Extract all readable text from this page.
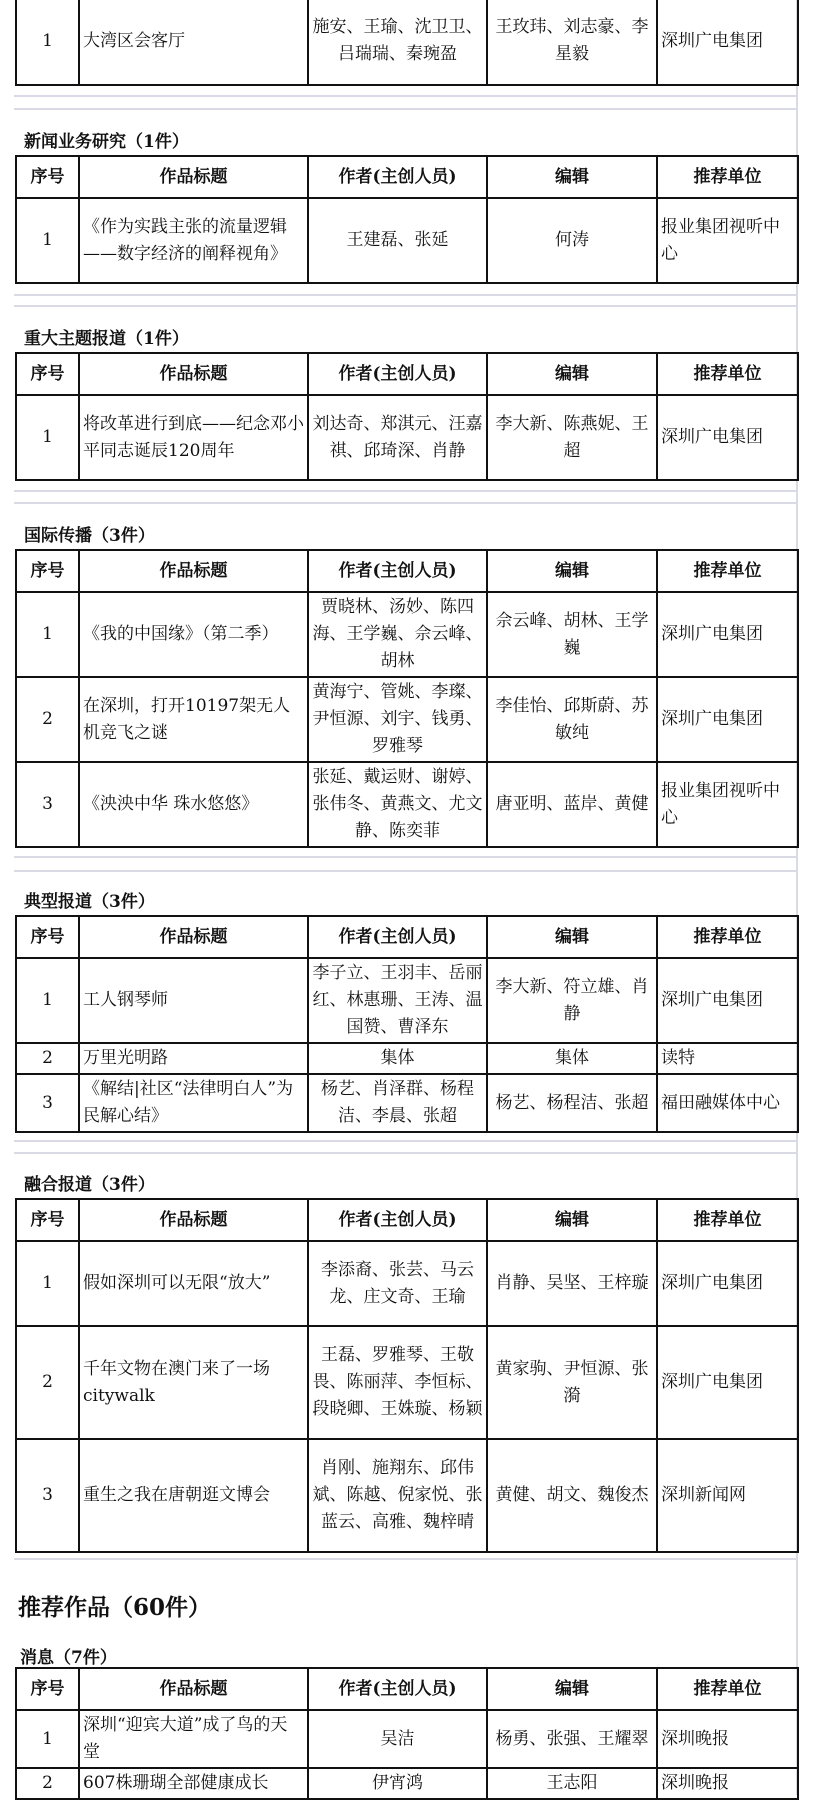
1	大湾区会客厅	施安、王瑜、沈卫卫、吕瑞瑞、秦琬盈	王玫玮、刘志豪、李星毅	深圳广电集团
新闻业务研究（1件）
序号	作品标题	作者(主创人员)	编辑	推荐单位
1	《作为实践主张的流量逻辑——数字经济的阐释视角》	王建磊、张延	何涛	报业集团视听中心
重大主题报道（1件）
序号	作品标题	作者(主创人员)	编辑	推荐单位
1	将改革进行到底——纪念邓小平同志诞辰120周年	刘达奇、郑淇元、汪嘉祺、邱琦深、肖静	李大新、陈燕妮、王超	深圳广电集团
国际传播（3件）
序号	作品标题	作者(主创人员)	编辑	推荐单位
1	《我的中国缘》（第二季）	贾晓林、汤妙、陈四海、王学巍、佘云峰、胡林	佘云峰、胡林、王学巍	深圳广电集团
2	在深圳，打开10197架无人机竞飞之谜	黄海宁、管姚、李璨、尹恒源、刘宇、钱勇、罗雅琴	李佳怡、邱斯蔚、苏敏纯	深圳广电集团
3	《泱泱中华 珠水悠悠》	张延、戴运财、谢婷、张伟冬、黄燕文、尤文静、陈奕菲	唐亚明、蓝岸、黄健	报业集团视听中心
典型报道（3件）
序号	作品标题	作者(主创人员)	编辑	推荐单位
1	工人钢琴师	李子立、王羽丰、岳丽红、林惠珊、王涛、温国赞、曹泽东	李大新、符立雄、肖静	深圳广电集团
2	万里光明路	集体	集体	读特
3	《解结|社区“法律明白人”为民解心结》	杨艺、肖泽群、杨程洁、李晨、张超	杨艺、杨程洁、张超	福田融媒体中心
融合报道（3件）
序号	作品标题	作者(主创人员)	编辑	推荐单位
1	假如深圳可以无限“放大”	李添裔、张芸、马云龙、庄文奇、王瑜	肖静、吴坚、王梓璇	深圳广电集团
2	千年文物在澳门来了一场citywalk	王磊、罗雅琴、王敬畏、陈丽萍、李恒标、段晓卿、王姝璇、杨颖	黄家驹、尹恒源、张漪	深圳广电集团
3	重生之我在唐朝逛文博会	肖刚、施翔东、邱伟斌、陈越、倪家悦、张蓝云、高雅、魏梓晴	黄健、胡文、魏俊杰	深圳新闻网
推荐作品（60件）
消息（7件）
序号	作品标题	作者(主创人员)	编辑	推荐单位
1	深圳“迎宾大道”成了鸟的天堂	吴洁	杨勇、张强、王耀翠	深圳晚报
2	607株珊瑚全部健康成长	伊宵鸿	王志阳	深圳晚报
